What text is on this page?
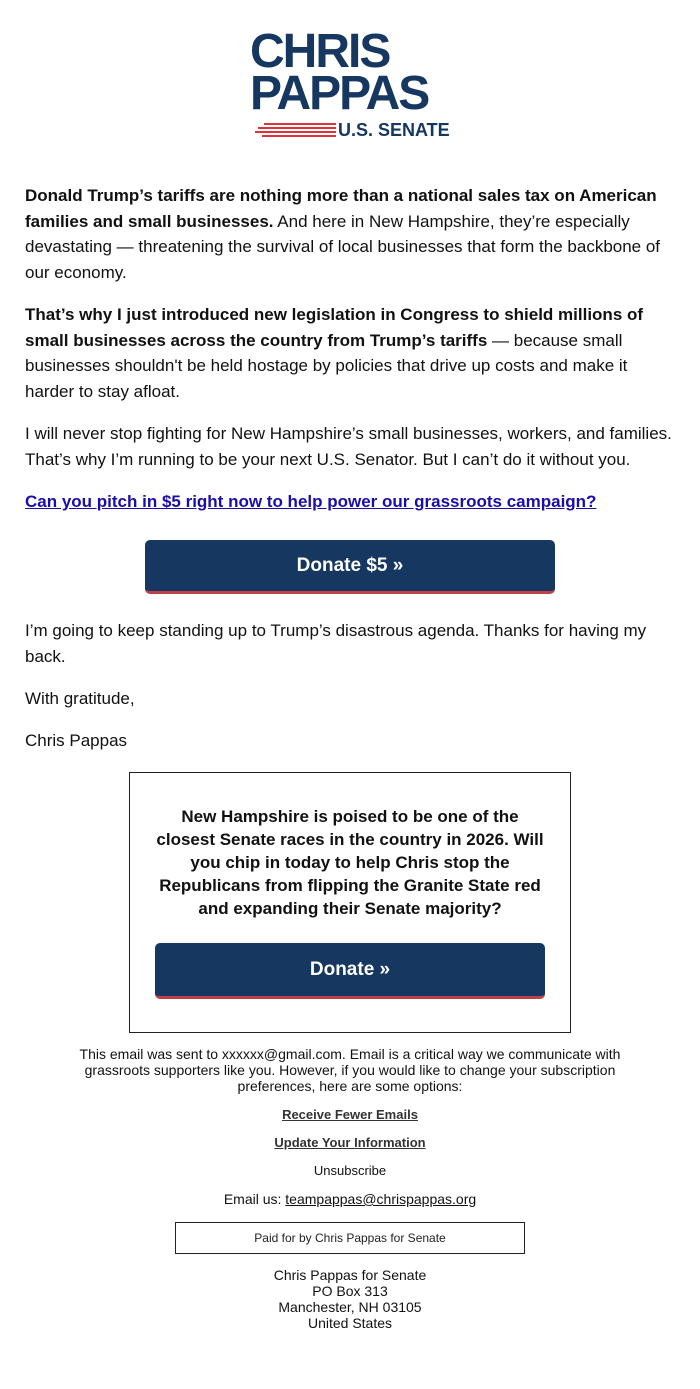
CHRIS
PAPPAS
U.S. SENATE

Donald Trump’s tariffs are nothing more than a national sales tax on American families and small businesses. And here in New Hampshire, they’re especially devastating — threatening the survival of local businesses that form the backbone of our economy.

That’s why I just introduced new legislation in Congress to shield millions of small businesses across the country from Trump’s tariffs — because small businesses shouldn't be held hostage by policies that drive up costs and make it harder to stay afloat.

I will never stop fighting for New Hampshire’s small businesses, workers, and families. That’s why I’m running to be your next U.S. Senator. But I can’t do it without you.

Can you pitch in $5 right now to help power our grassroots campaign?

Donate $5 »

I’m going to keep standing up to Trump’s disastrous agenda. Thanks for having my back.

With gratitude,

Chris Pappas

New Hampshire is poised to be one of the closest Senate races in the country in 2026. Will you chip in today to help Chris stop the Republicans from flipping the Granite State red and expanding their Senate majority?
Donate »
This email was sent to xxxxxx@gmail.com. Email is a critical way we communicate with grassroots supporters like you. However, if you would like to change your subscription preferences, here are some options:
Receive Fewer Emails
Update Your Information
Unsubscribe
Email us: teampappas@chrispappas.org
Paid for by Chris Pappas for Senate
Chris Pappas for Senate
PO Box 313
Manchester, NH 03105
United States
